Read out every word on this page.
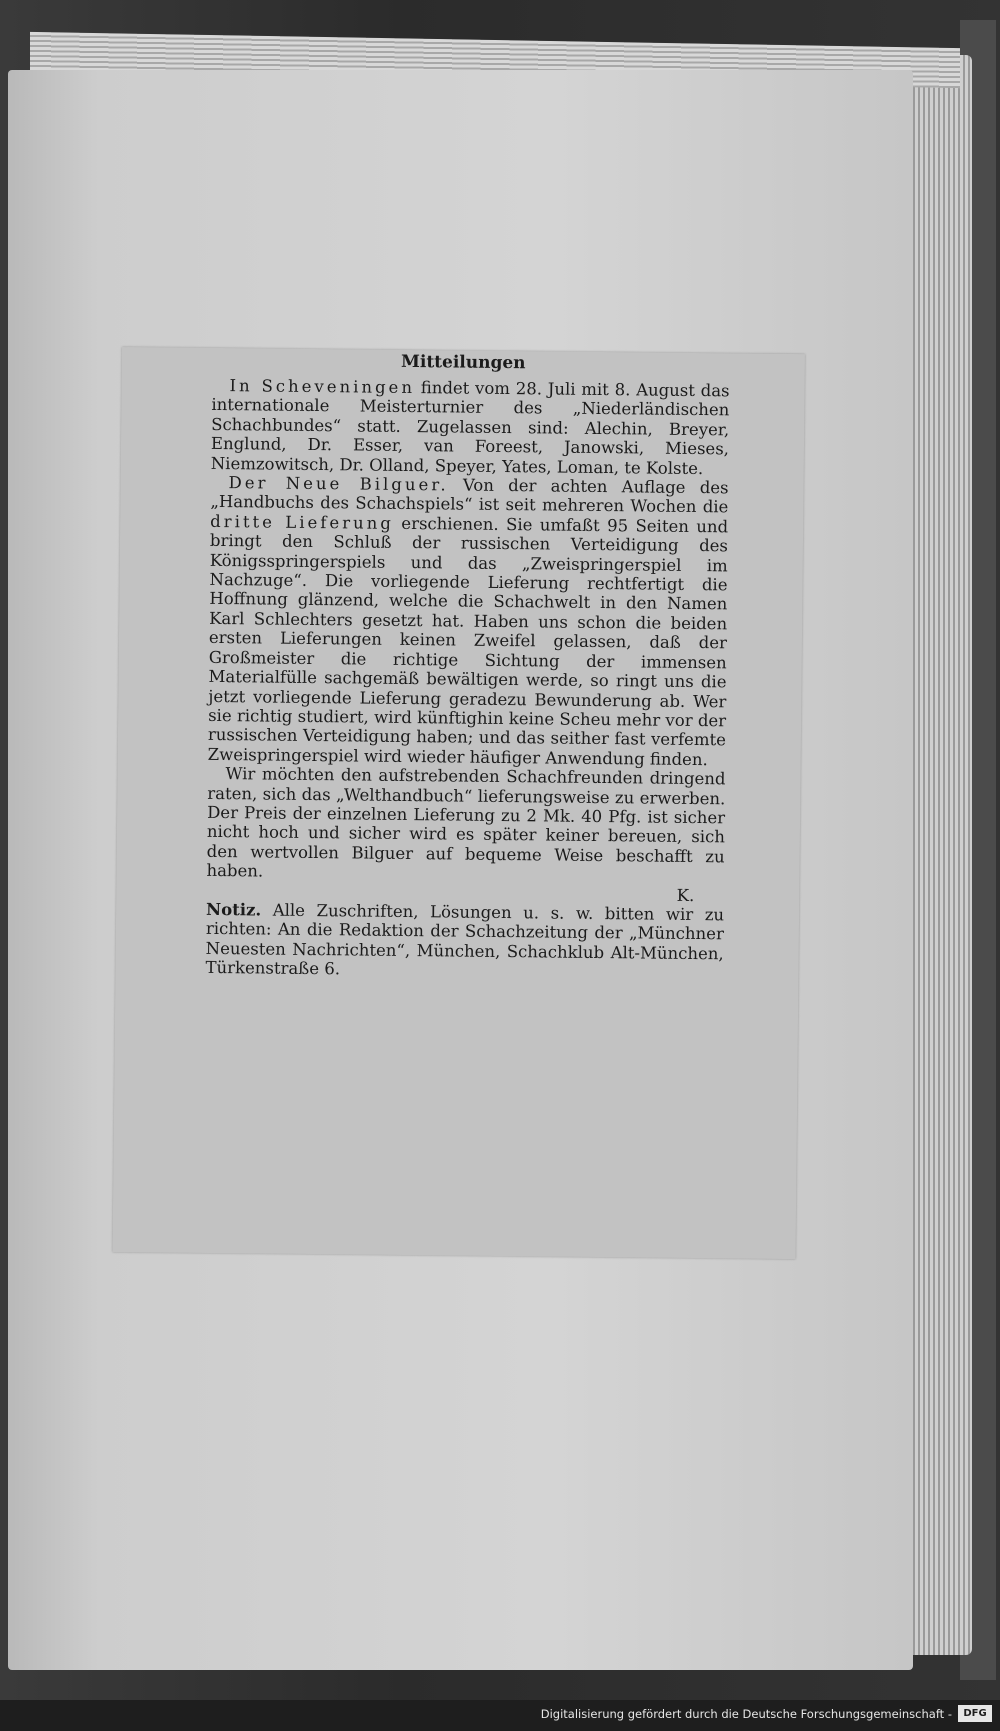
Mitteilungen

In Scheveningen findet vom 28. Juli mit 8. August das internationale Meisterturnier des „Niederländischen Schachbundes“ statt. Zugelassen sind: Alechin, Breyer, Englund, Dr. Esser, van Foreest, Janowski, Mieses, Niemzowitsch, Dr. Olland, Speyer, Yates, Loman, te Kolste.

Der Neue Bilguer. Von der achten Auflage des „Handbuchs des Schachspiels“ ist seit mehreren Wochen die dritte Lieferung erschienen. Sie umfaßt 95 Seiten und bringt den Schluß der russischen Verteidigung des Königsspringerspiels und das „Zweispringerspiel im Nachzuge“. Die vorliegende Lieferung rechtfertigt die Hoffnung glänzend, welche die Schachwelt in den Namen Karl Schlechters gesetzt hat. Haben uns schon die beiden ersten Lieferungen keinen Zweifel gelassen, daß der Großmeister die richtige Sichtung der immensen Materialfülle sachgemäß bewältigen werde, so ringt uns die jetzt vorliegende Lieferung geradezu Bewunderung ab. Wer sie richtig studiert, wird künftighin keine Scheu mehr vor der russischen Verteidigung haben; und das seither fast verfemte Zweispringerspiel wird wieder häufiger Anwendung finden.

Wir möchten den aufstrebenden Schachfreunden dringend raten, sich das „Welthandbuch“ lieferungsweise zu erwerben. Der Preis der einzelnen Lieferung zu 2 Mk. 40 Pfg. ist sicher nicht hoch und sicher wird es später keiner bereuen, sich den wertvollen Bilguer auf bequeme Weise beschafft zu haben.

K.

Notiz. Alle Zuschriften, Lösungen u. s. w. bitten wir zu richten: An die Redaktion der Schachzeitung der „Münchner Neuesten Nachrichten“, München, Schachklub Alt-München, Türkenstraße 6.

Digitalisierung gefördert durch die Deutsche Forschungsgemeinschaft -	DFG
